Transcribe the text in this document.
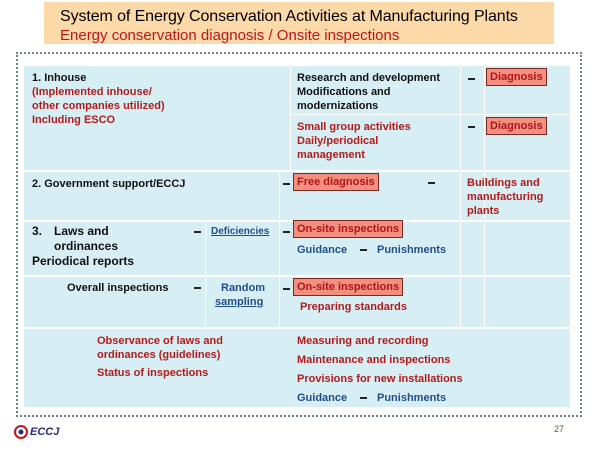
System of Energy Conservation Activities at Manufacturing Plants
Energy conservation diagnosis / Onsite inspections
1. Inhouse
(Implemented inhouse/
other companies utilized)
Including ESCO
Research and development
Modifications and
modernizations
Diagnosis
Small group activities
Daily/periodical
management
Diagnosis
2. Government support/ECCJ	Free diagnosis	Buildings and
manufacturing
plants
3. Laws and
ordinances
Periodical reports
Deficiencies	On-site inspections
Guidance	Punishments
Overall inspections	Random
sampling
On-site inspections
Preparing standards
Observance of laws and
ordinances (guidelines)
Status of inspections
Measuring and recording
Maintenance and inspections
Provisions for new installations
Guidance	Punishments
ECCJ	27
